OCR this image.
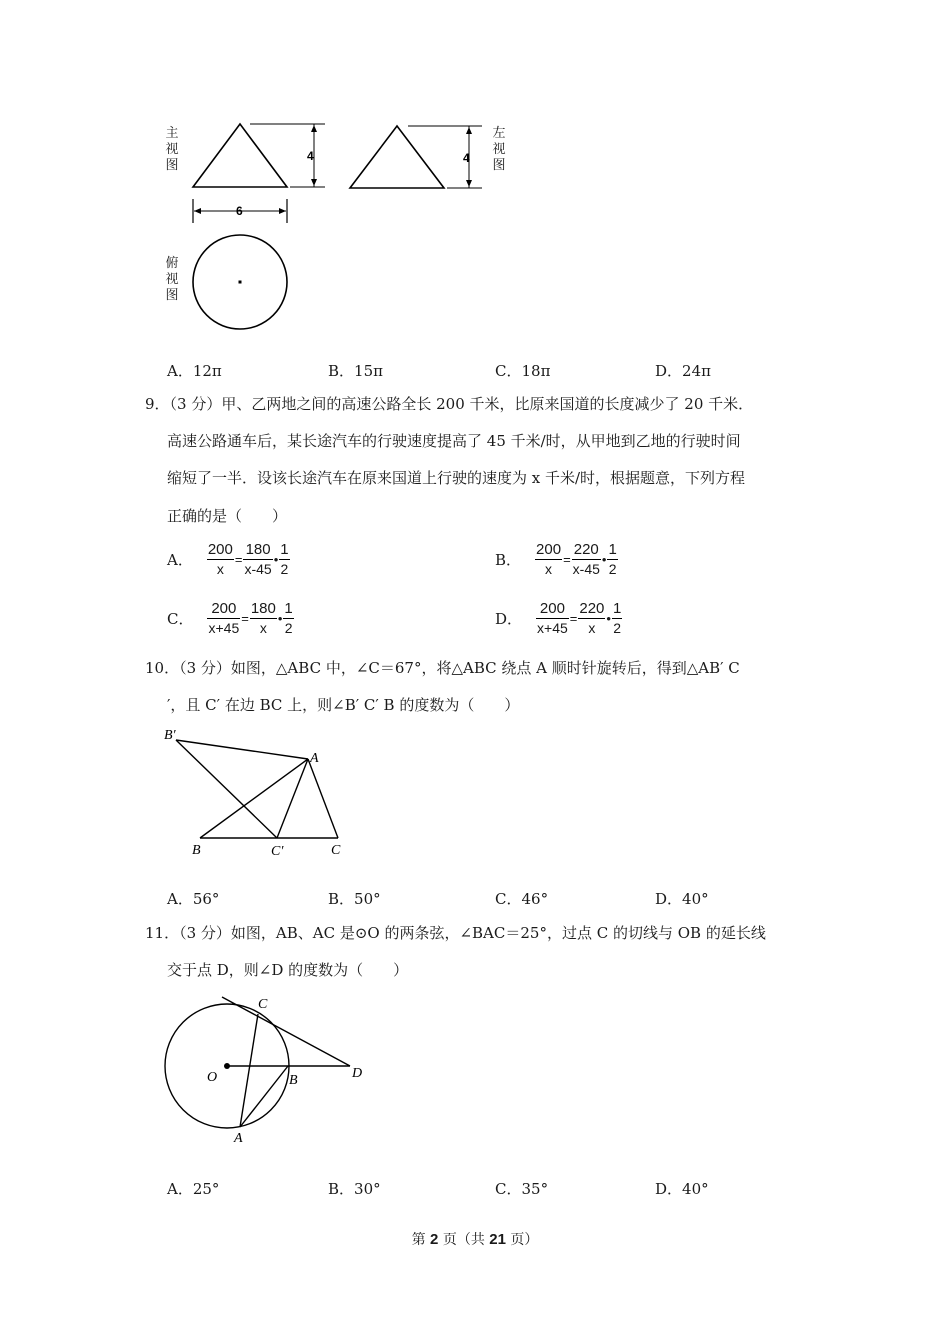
主
视
图
左
视
图
俯
视
图
4
6
4
A．12π	B．15π	C．18π	D．24π
9．（3 分）甲、乙两地之间的高速公路全长 200 千米，比原来国道的长度减少了 20 千米．
高速公路通车后，某长途汽车的行驶速度提高了 45 千米/时，从甲地到乙地的行驶时间
缩短了一半．设该长途汽车在原来国道上行驶的速度为 x 千米/时，根据题意，下列方程
正确的是（　　）
A． $\frac{200}{x} = \frac{180}{x-45}$ • $\frac{1}{2}$	B． $\frac{200}{x} = \frac{220}{x-45}$ • $\frac{1}{2}$
C． $\frac{200}{x+45} = \frac{180}{x}$ • $\frac{1}{2}$	D． $\frac{200}{x+45} = \frac{220}{x}$ • $\frac{1}{2}$
10．（3 分）如图，△ABC 中，∠C＝67°，将△ABC 绕点 A 顺时针旋转后，得到△AB′ C
′，且 C′ 在边 BC 上，则∠B′ C′ B 的度数为（　　）
B′
A
B	C′	C
A．56°	B．50°	C．46°	D．40°
11．（3 分）如图，AB、AC 是⊙O 的两条弦，∠BAC＝25°，过点 C 的切线与 OB 的延长线
交于点 D，则∠D 的度数为（　　）
C
O	B	D
A
A．25°	B．30°	C．35°	D．40°
第 2 页（共 21 页）
